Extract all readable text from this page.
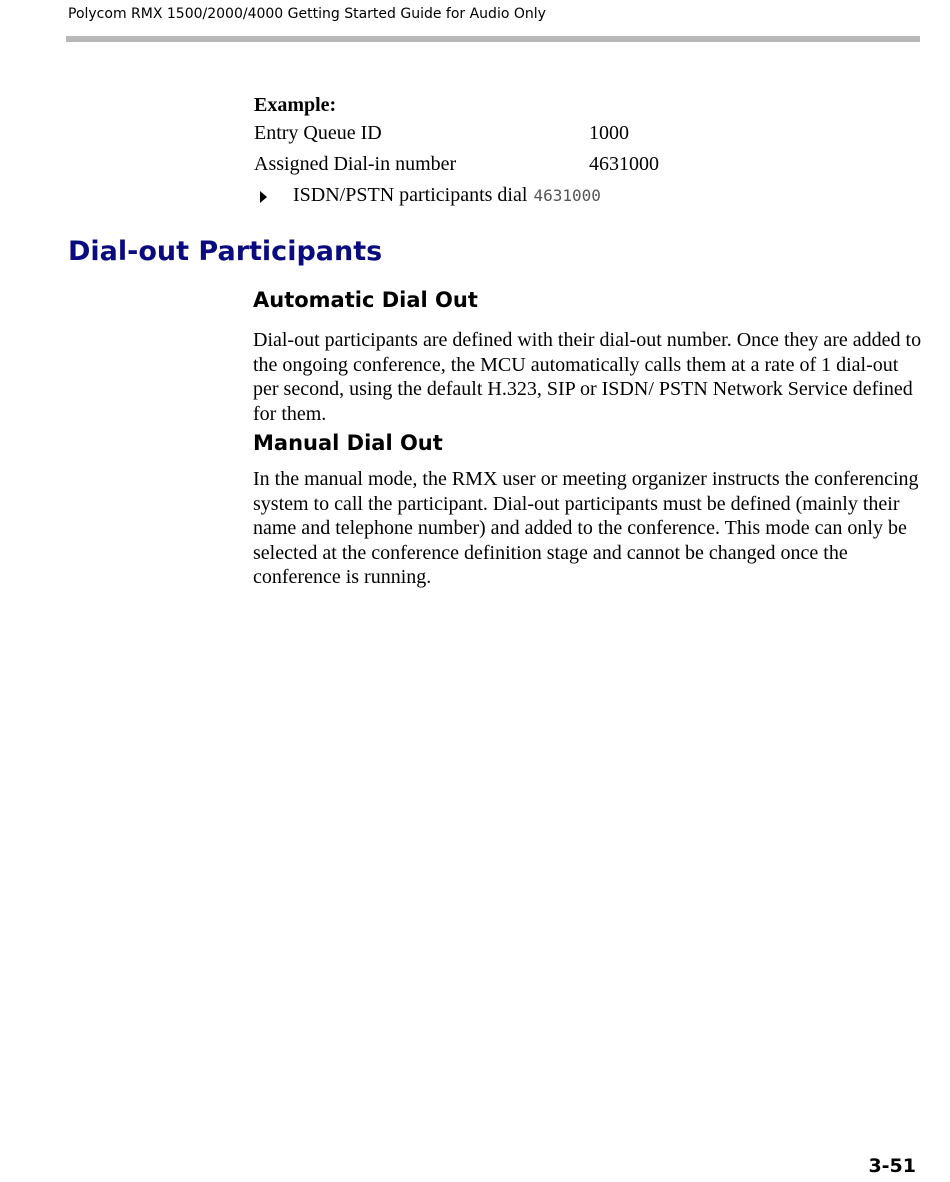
Polycom RMX 1500/2000/4000 Getting Started Guide for Audio Only
Example:
Entry Queue ID	1000
Assigned Dial-in number	4631000
ISDN/PSTN participants dial 4631000
Dial-out Participants
Automatic Dial Out
Dial-out participants are defined with their dial-out number. Once they are added to the ongoing conference, the MCU automatically calls them at a rate of 1 dial-out per second, using the default H.323, SIP or ISDN/ PSTN Network Service defined for them.
Manual Dial Out
In the manual mode, the RMX user or meeting organizer instructs the conferencing system to call the participant. Dial-out participants must be defined (mainly their name and telephone number) and added to the conference. This mode can only be selected at the conference definition stage and cannot be changed once the conference is running.
3-51
